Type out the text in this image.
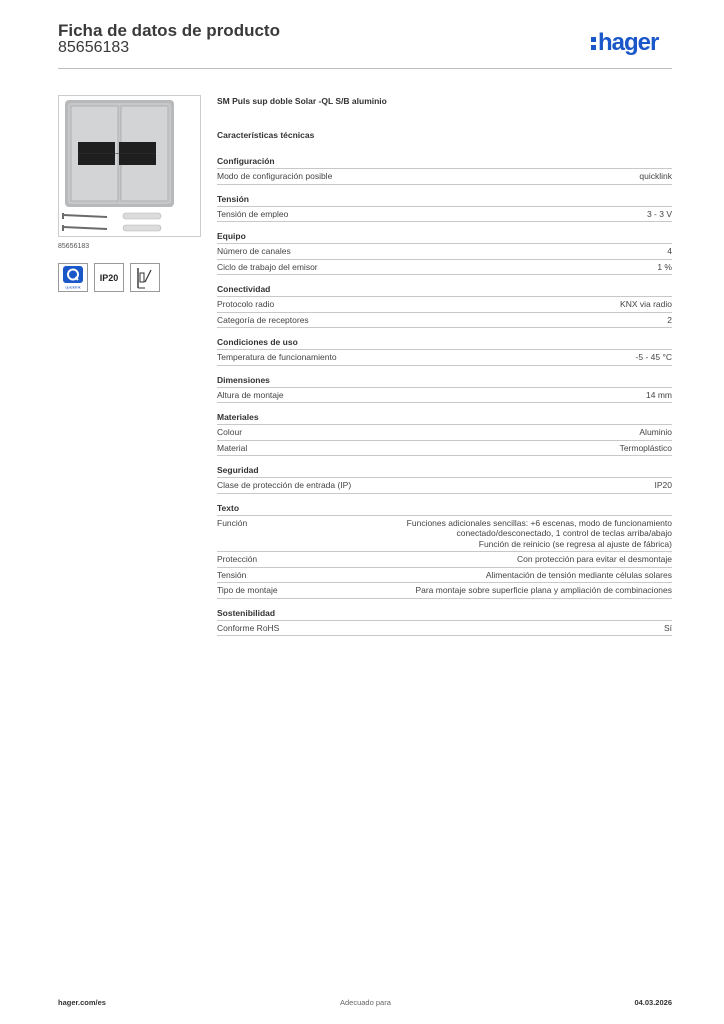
Ficha de datos de producto
85656183	hager
85656183
quicklink
IP20
SM Puls sup doble Solar -QL S/B aluminio
Características técnicas
Configuración
Modo de configuración posible	quicklink
Tensión
Tensión de empleo	3 - 3 V
Equipo
Número de canales	4
Ciclo de trabajo del emisor	1 %
Conectividad
Protocolo radio	KNX via radio
Categoría de receptores	2
Condiciones de uso
Temperatura de funcionamiento	-5 - 45 °C
Dimensiones
Altura de montaje	14 mm
Materiales
Colour	Aluminio
Material	Termoplástico
Seguridad
Clase de protección de entrada (IP)	IP20
Texto
Función	Funciones adicionales sencillas: +6 escenas, modo de funcionamiento
conectado/desconectado, 1 control de teclas arriba/abajo
Función de reinicio (se regresa al ajuste de fábrica)
Protección	Con protección para evitar el desmontaje
Tensión	Alimentación de tensión mediante células solares
Tipo de montaje	Para montaje sobre superficie plana y ampliación de combinaciones
Sostenibilidad
Conforme RoHS	Sí
hager.com/es	Adecuado para	04.03.2026
